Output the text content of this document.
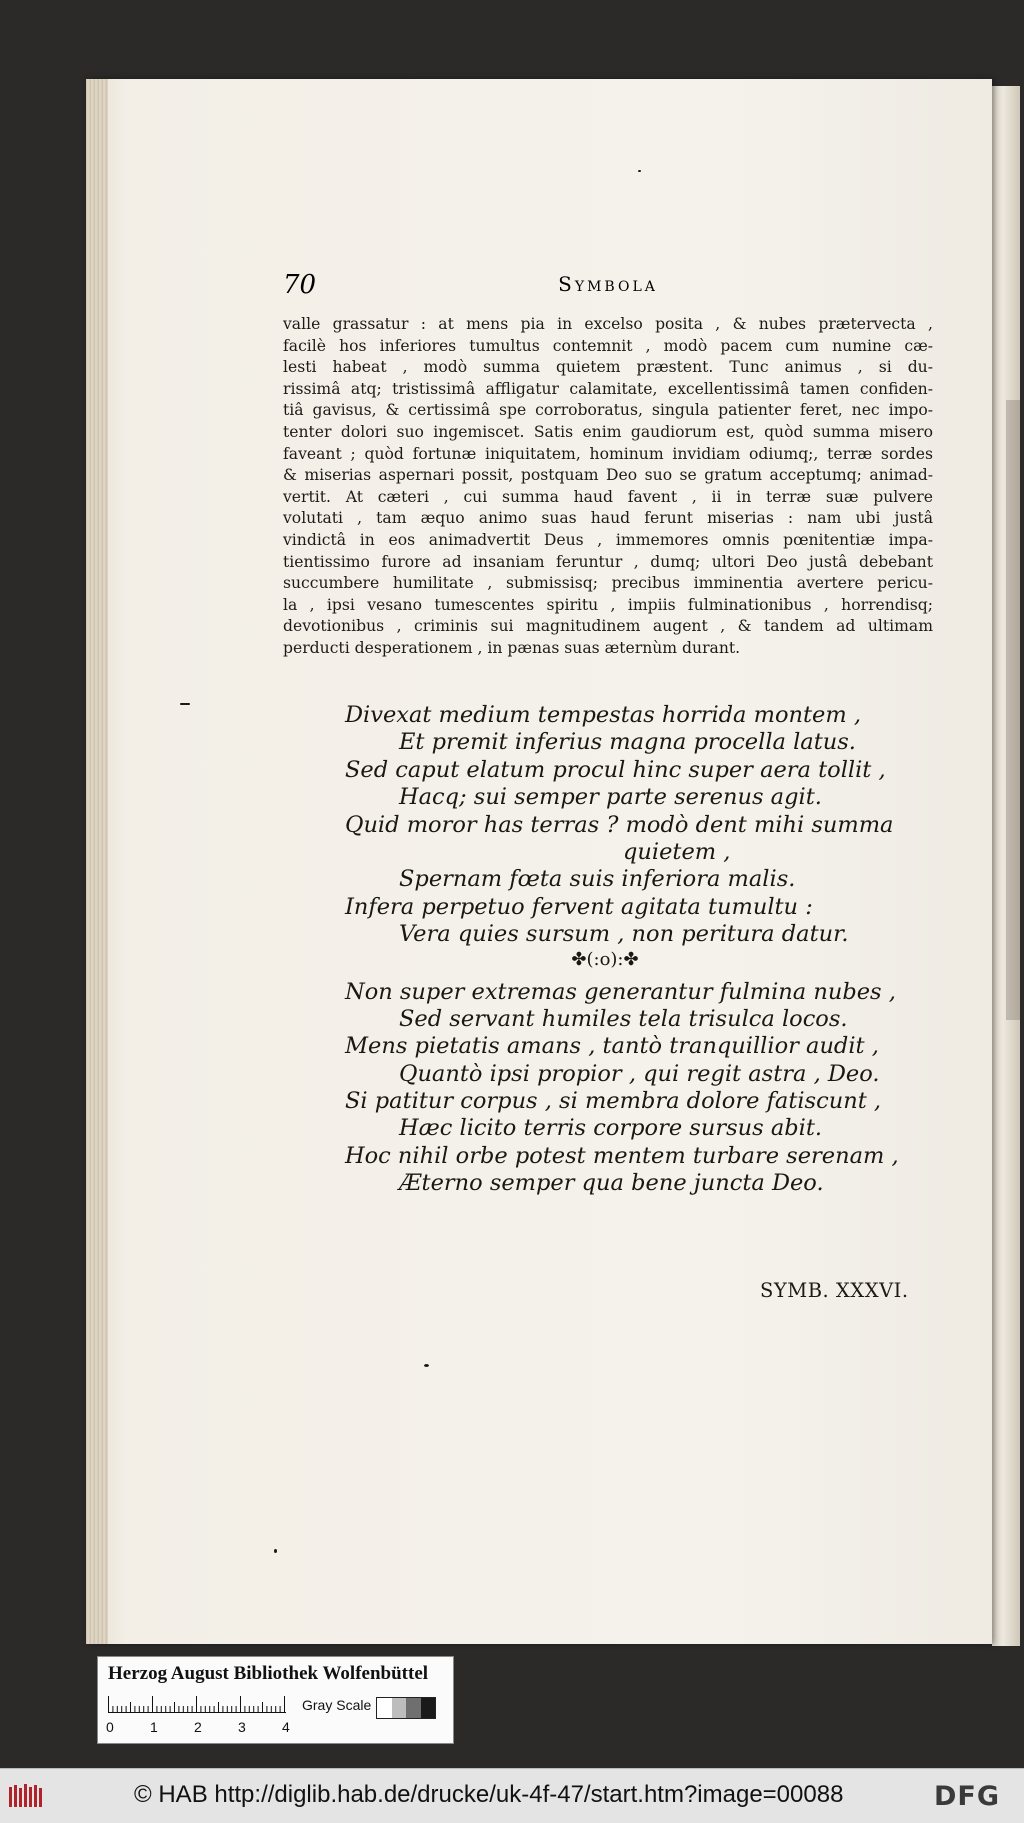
70	Symbola

valle grassatur : at mens pia in excelso posita , & nubes prætervecta ,

facilè hos inferiores tumultus contemnit , modò pacem cum numine cæ-

lesti habeat , modò summa quietem præstent. Tunc animus , si du-

rissimâ atq; tristissimâ affligatur calamitate, excellentissimâ tamen confiden-

tiâ gavisus, & certissimâ spe corroboratus, singula patienter feret, nec impo-

tenter dolori suo ingemiscet. Satis enim gaudiorum est, quòd summa misero

faveant ; quòd fortunæ iniquitatem, hominum invidiam odiumq;, terræ sordes

& miserias aspernari possit, postquam Deo suo se gratum acceptumq; animad-

vertit. At cæteri , cui summa haud favent , ii in terræ suæ pulvere

volutati , tam æquo animo suas haud ferunt miserias : nam ubi justâ

vindictâ in eos animadvertit Deus , immemores omnis pœnitentiæ impa-

tientissimo furore ad insaniam feruntur , dumq; ultori Deo justâ debebant

succumbere humilitate , submissisq; precibus imminentia avertere pericu-

la , ipsi vesano tumescentes spiritu , impiis fulminationibus , horrendisq;

devotionibus , criminis sui magnitudinem augent , & tandem ad ultimam

perducti desperationem , in pænas suas æternùm durant.

Divexat medium tempestas horrida montem ,
Et premit inferius magna procella latus.
Sed caput elatum procul hinc super aera tollit ,
Hacq; sui semper parte serenus agit.
Quid moror has terras ? modò dent mihi summa
quietem ,
Spernam fœta suis inferiora malis.
Infera perpetuo fervent agitata tumultu :
Vera quies sursum , non peritura datur.
✤(:o):✤
Non super extremas generantur fulmina nubes ,
Sed servant humiles tela trisulca locos.
Mens pietatis amans , tantò tranquillior audit ,
Quantò ipsi propior , qui regit astra , Deo.
Si patitur corpus , si membra dolore fatiscunt ,
Hæc licito terris corpore sursus abit.
Hoc nihil orbe potest mentem turbare serenam ,
Æterno semper qua bene juncta Deo.
SYMB. XXXVI.
Herzog August Bibliothek Wolfenbüttel
0	1	2	3	4
Gray Scale
© HAB http://diglib.hab.de/drucke/uk-4f-47/start.htm?image=00088	DFG
